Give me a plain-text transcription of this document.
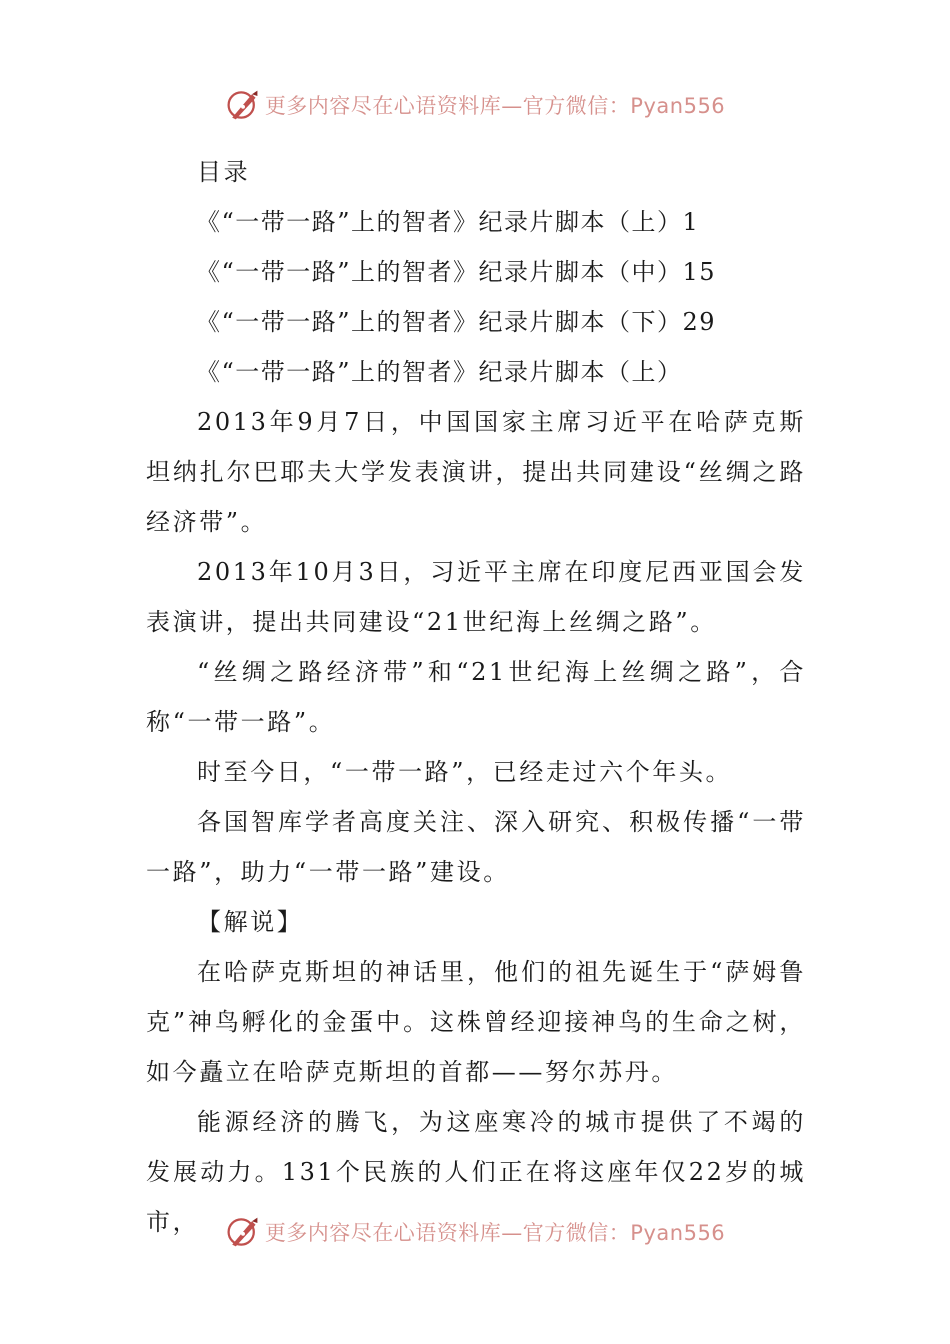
更多内容尽在心语资料库—官方微信：Pyan556
目录
《“一带一路”上的智者》纪录片脚本（上）1
《“一带一路”上的智者》纪录片脚本（中）15
《“一带一路”上的智者》纪录片脚本（下）29
《“一带一路”上的智者》纪录片脚本（上）

2013年9月7日，中国国家主席习近平在哈萨克斯坦纳扎尔巴耶夫大学发表演讲，提出共同建设“丝绸之路经济带”。

2013年10月3日，习近平主席在印度尼西亚国会发表演讲，提出共同建设“21世纪海上丝绸之路”。

“丝绸之路经济带”和“21世纪海上丝绸之路”，合称“一带一路”。

时至今日，“一带一路”，已经走过六个年头。

各国智库学者高度关注、深入研究、积极传播“一带一路”，助力“一带一路”建设。

【解说】

在哈萨克斯坦的神话里，他们的祖先诞生于“萨姆鲁克”神鸟孵化的金蛋中。这株曾经迎接神鸟的生命之树，如今矗立在哈萨克斯坦的首都——努尔苏丹。

能源经济的腾飞，为这座寒冷的城市提供了不竭的发展动力。131个民族的人们正在将这座年仅22岁的城市，	更多内容尽在心语资料库—官方微信：Pyan556
